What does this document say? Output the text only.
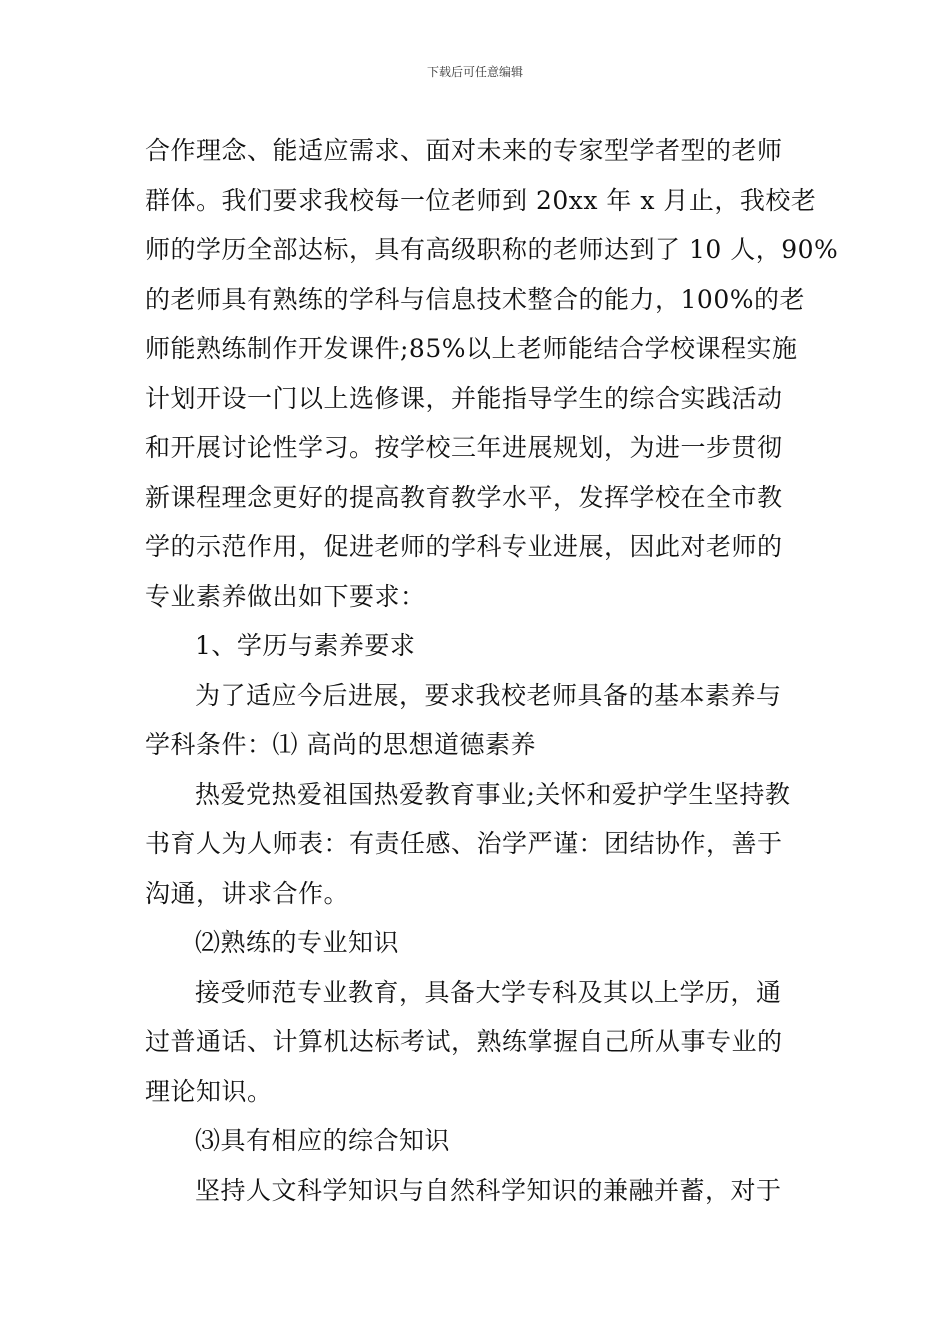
下载后可任意编辑
合作理念、能适应需求、面对未来的专家型学者型的老师
群体。我们要求我校每一位老师到 20xx 年 x 月止，我校老
师的学历全部达标，具有高级职称的老师达到了 10 人，90%
的老师具有熟练的学科与信息技术整合的能力，100%的老
师能熟练制作开发课件;85%以上老师能结合学校课程实施
计划开设一门以上选修课，并能指导学生的综合实践活动
和开展讨论性学习。按学校三年进展规划，为进一步贯彻
新课程理念更好的提高教育教学水平，发挥学校在全市教
学的示范作用，促进老师的学科专业进展，因此对老师的
专业素养做出如下要求：
1、学历与素养要求
为了适应今后进展，要求我校老师具备的基本素养与
学科条件：⑴ 高尚的思想道德素养
热爱党热爱祖国热爱教育事业;关怀和爱护学生坚持教
书育人为人师表：有责任感、治学严谨：团结协作，善于
沟通，讲求合作。
⑵熟练的专业知识
接受师范专业教育，具备大学专科及其以上学历，通
过普通话、计算机达标考试，熟练掌握自己所从事专业的
理论知识。
⑶具有相应的综合知识
坚持人文科学知识与自然科学知识的兼融并蓄，对于
